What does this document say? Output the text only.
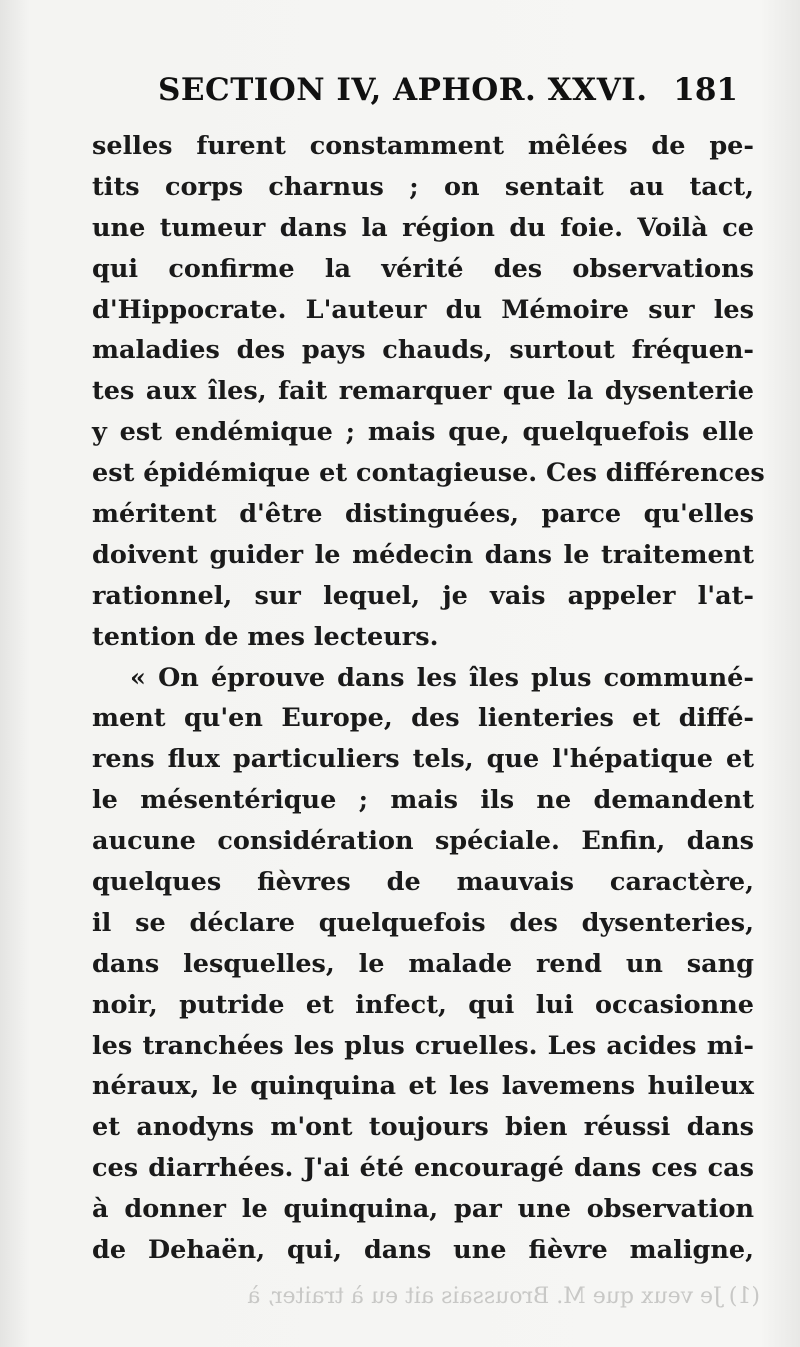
SECTION IV, APHOR. XXVI. 181
selles furent constamment mêlées de pe-
tits corps charnus ; on sentait au tact,
une tumeur dans la région du foie. Voilà ce
qui confirme la vérité des observations
d'Hippocrate. L'auteur du Mémoire sur les
maladies des pays chauds, surtout fréquen-
tes aux îles, fait remarquer que la dysenterie
y est endémique ; mais que, quelquefois elle
est épidémique et contagieuse. Ces différences
méritent d'être distinguées, parce qu'elles
doivent guider le médecin dans le traitement
rationnel, sur lequel, je vais appeler l'at-
tention de mes lecteurs.
« On éprouve dans les îles plus communé-
ment qu'en Europe, des lienteries et diffé-
rens flux particuliers tels, que l'hépatique et
le mésentérique ; mais ils ne demandent
aucune considération spéciale. Enfin, dans
quelques fièvres de mauvais caractère,
il se déclare quelquefois des dysenteries,
dans lesquelles, le malade rend un sang
noir, putride et infect, qui lui occasionne
les tranchées les plus cruelles. Les acides mi-
néraux, le quinquina et les lavemens huileux
et anodyns m'ont toujours bien réussi dans
ces diarrhées. J'ai été encouragé dans ces cas
à donner le quinquina, par une observation
de Dehaën, qui, dans une fièvre maligne,
(1) Je veux que M. Broussais ait eu à traiter, à
